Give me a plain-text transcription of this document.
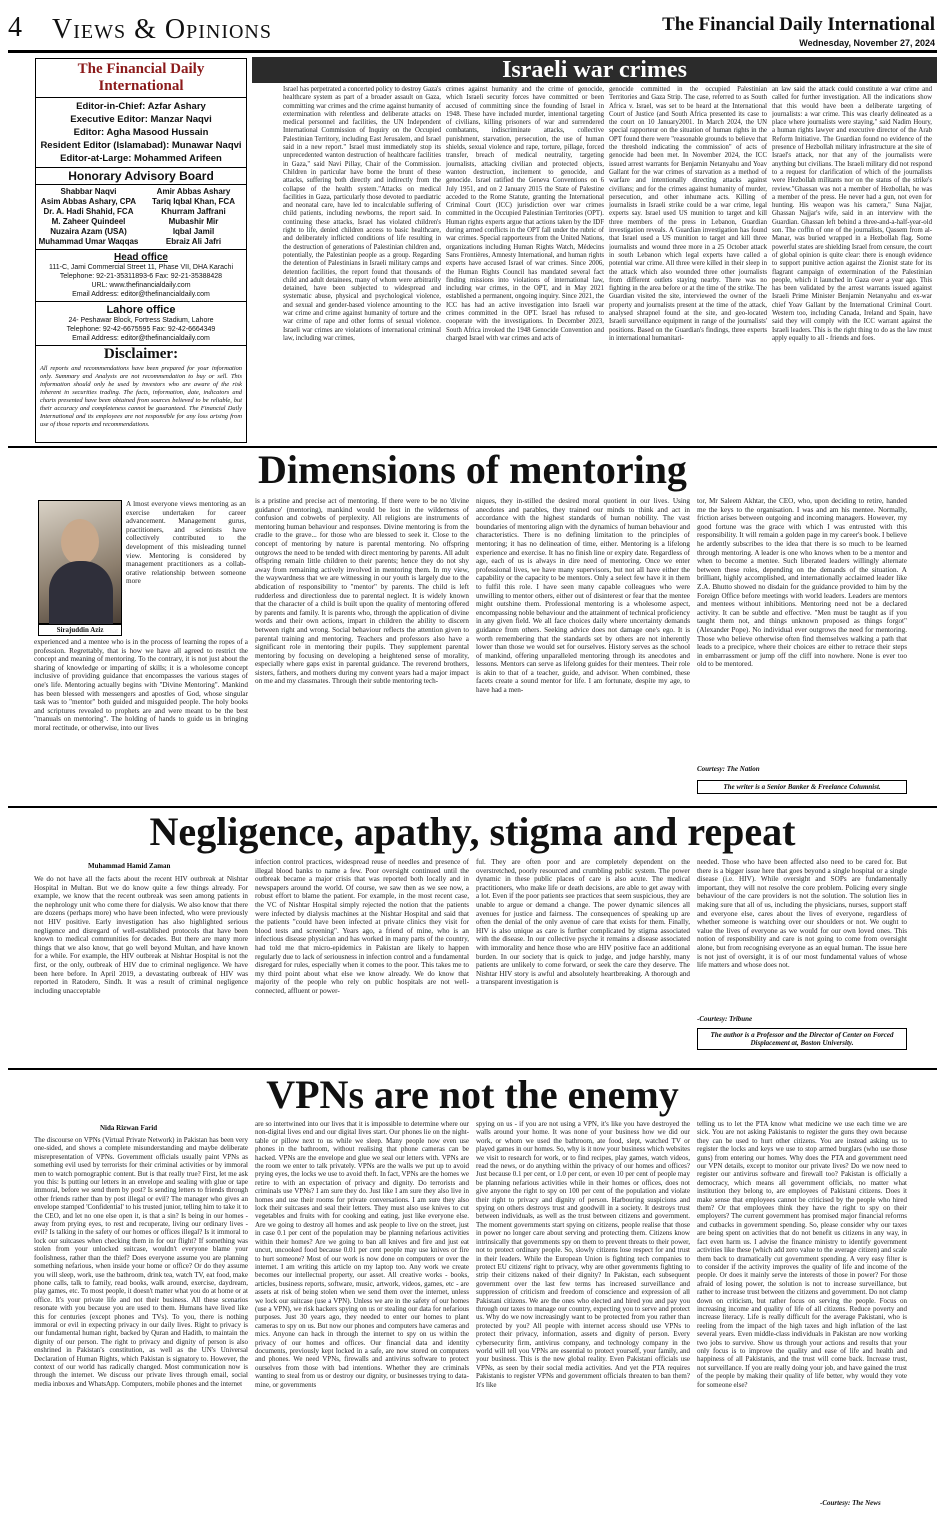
4 Views & Opinions	The Financial Daily International
Wednesday, November 27, 2024
The Financial Daily International
Editor-in-Chief: Azfar Ashary
Executive Editor: Manzar Naqvi
Editor: Agha Masood Hussain
Resident Editor (Islamabad): Munawar Naqvi
Editor-at-Large: Mohammed Arifeen
Honorary Advisory Board
Shabbar Naqvi
Asim Abbas Ashary, CPA
Dr. A. Hadi Shahid, FCA
M. Zaheer Quindeel
Nuzaira Azam (USA)
Muhammad Umar Waqqas
Amir Abbas Ashary
Tariq Iqbal Khan, FCA
Khurram Jaffrani
Mubashir Mir
Iqbal Jamil
Ebraiz Ali Jafri
Head office
111-C, Jami Commercial Street 11, Phase VII, DHA Karachi
Telephone: 92-21-35311893-6 Fax: 92-21-35388428
URL: www.thefinancialdaily.com
Email Address: editor@thefinancialdaily.com
Lahore office
24- Peshawar Block, Fortress Stadium, Lahore
Telephone: 92-42-6675595 Fax: 92-42-6664349
Email Address: editor@thefinancialdaily.com
Disclaimer:
All reports and recommendations have been prepared for your information only. Summary and Analysis are not recommendation to buy or sell. This information should only be used by investors who are aware of the risk inherent in securities trading. The facts, information, date, indicators and charts presented have been obtained from sources believed to be reliable, but their accuracy and completeness cannot be guaranteed. The Financial Daily International and its employees are not responsible for any loss arising from use of those reports and recommendations.
Israeli war crimes
Israel has perpetrated a concerted policy to destroy Gaza's healthcare system as part of a broader assault on Gaza, committing war crimes and the crime against humanity of extermination with relentless and deliberate attacks on medical personnel and facilities, the UN Independent International Commission of Inquiry on the Occupied Palestinian Territory, including East Jerusalem, and Israel said in a new report." Israel must immediately stop its unprecedented wanton destruction of healthcare facilities in Gaza," said Navi Pillay, Chair of the Commission. Children in particular have borne the brunt of these attacks, suffering both directly and indirectly from the collapse of the health system."Attacks on medical facilities in Gaza, particularly those devoted to paediatric and neonatal care, have led to incalculable suffering of child patients, including newborns, the report said. In continuing these attacks, Israel has violated children's right to life, denied children access to basic healthcare, and deliberately inflicted conditions of life resulting in the destruction of generations of Palestinian children and, potentially, the Palestinian people as a group. Regarding the detention of Palestinians in Israeli military camps and detention facilities, the report found that thousands of child and adult detainees, many of whom were arbitrarily detained, have been subjected to widespread and systematic abuse, physical and psychological violence, and sexual and gender-based violence amounting to the war crime and crime against humanity of torture and the war crime of rape and other forms of sexual violence. Israeli war crimes are violations of international criminal law, including war crimes,
crimes against humanity and the crime of genocide, which Israeli security forces have committed or been accused of committing since the founding of Israel in 1948. These have included murder, intentional targeting of civilians, killing prisoners of war and surrendered combatants, indiscriminate attacks, collective punishment, starvation, persecution, the use of human shields, sexual violence and rape, torture, pillage, forced transfer, breach of medical neutrality, targeting journalists, attacking civilian and protected objects, wanton destruction, incitement to genocide, and genocide. Israel ratified the Geneva Conventions on 6 July 1951, and on 2 January 2015 the State of Palestine acceded to the Rome Statute, granting the International Criminal Court (ICC) jurisdiction over war crimes committed in the Occupied Palestinian Territories (OPT). Human rights experts argue that actions taken by the IDF during armed conflicts in the OPT fall under the rubric of war crimes. Special rapporteurs from the United Nations, organizations including Human Rights Watch, Médecins Sans Frontières, Amnesty International, and human rights experts have accused Israel of war crimes. Since 2006, the Human Rights Council has mandated several fact finding missions into violations of international law, including war crimes, in the OPT, and in May 2021 established a permanent, ongoing inquiry. Since 2021, the ICC has had an active investigation into Israeli war crimes committed in the OPT. Israel has refused to cooperate with the investigations. In December 2023, South Africa invoked the 1948 Genocide Convention and charged Israel with war crimes and acts of
genocide committed in the occupied Palestinian Territories and Gaza Strip. The case, referred to as South Africa v. Israel, was set to be heard at the International Court of Justice (and South Africa presented its case to the court on 10 January2001. In March 2024, the UN special rapporteur on the situation of human rights in the OPT found there were "reasonable grounds to believe that the threshold indicating the commission" of acts of genocide had been met. In November 2024, the ICC issued arrest warrants for Benjamin Netanyahu and Yoav Gallant for the war crimes of starvation as a method of warfare and intentionally directing attacks against civilians; and for the crimes against humanity of murder, persecution, and other inhumane acts. Killing of journalists in Israeli strike could be a war crime, legal experts say. Israel used US munition to target and kill three members of the press in Lebanon, Guardian investigation reveals. A Guardian investigation has found that Israel used a US munition to target and kill three journalists and wound three more in a 25 October attack in south Lebanon which legal experts have called a potential war crime. All three were killed in their sleep in the attack which also wounded three other journalists from different outlets staying nearby. There was no fighting in the area before or at the time of the strike. The Guardian visited the site, interviewed the owner of the property and journalists present at the time of the attack, analysed shrapnel found at the site, and geo-located Israeli surveillance equipment in range of the journalists' positions. Based on the Guardian's findings, three experts in international humanitari-
an law said the attack could constitute a war crime and called for further investigation. All the indications show that this would have been a deliberate targeting of journalists: a war crime. This was clearly delineated as a place where journalists were staying," said Nadim Houry, a human rights lawyer and executive director of the Arab Reform Initiative. The Guardian found no evidence of the presence of Hezbollah military infrastructure at the site of Israel's attack, nor that any of the journalists were anything but civilians. The Israeli military did not respond to a request for clarification of which of the journalists were Hezbollah militants nor on the status of the strike's review."Ghassan was not a member of Hezbollah, he was a member of the press. He never had a gun, not even for hunting. His weapon was his camera," Suna Najjar, Ghassan Najjar's wife, said in an interview with the Guardian. Ghassan left behind a three-and-a-half-year-old son. The coffin of one of the journalists, Qassem from al-Manar, was buried wrapped in a Hezbollah flag. Some powerful states are shielding Israel from censure, the court of global opinion is quite clear: there is enough evidence to support punitive action against the Zionist state for its flagrant campaign of extermination of the Palestinian people, which it launched in Gaza over a year ago. This has been validated by the arrest warrants issued against Israeli Prime Minister Benjamin Netanyahu and ex-war chief Yoav Gallant by the International Criminal Court. Western too, including Canada, Ireland and Spain, have said they will comply with the ICC warrant against the Israeli leaders. This is the right thing to do as the law must apply equally to all - friends and foes.
Dimensions of mentoring
Sirajuddin Aziz
A lmost everyone views mentoring as an exercise undertaken for career advancement. Management gurus, practitioners, and scientists have collectively contributed to the development of this misleading tunnel view. Mentoring is considered by management practitioners as a collab-orative relationship between someone more
experienced and a mentee who is in the process of learning the ropes of a profession. Regrettably, that is how we have all agreed to restrict the concept and meaning of mentoring. To the contrary, it is not just about the sharing of knowledge or imparting of skills; it is a wholesome concept inclusive of providing guidance that encompasses the various stages of one's life. Mentoring actually begins with "Divine Mentoring". Mankind has been blessed with messengers and apostles of God, whose singular task was to "mentor" both guided and misguided people. The holy books and scriptures revealed to prophets are and were meant to be the best "manuals on mentoring". The holding of hands to guide us in bringing moral rectitude, or otherwise, into our lives
is a pristine and precise act of mentoring. If there were to be no 'divine guidance' (mentoring), mankind would be lost in the wilderness of confusion and cobwebs of perplexity. All religions are instruments of mentoring human behaviour and responses. Divine mentoring is from the cradle to the grave... for those who are blessed to seek it. Close to the concept of mentoring by nature is parental mentoring. No offspring outgrows the need to be tended with direct mentoring by parents. All adult offspring remain little children to their parents; hence they do not shy away from remaining actively involved in mentoring them. In my view, the waywardness that we are witnessing in our youth is largely due to the abdication of responsibility to "mentor" by parents. The child is left rudderless and directionless due to parental neglect. It is widely known that the character of a child is built upon the quality of mentoring offered by parents and family. It is parents who, through the application of divine words and their own actions, impart in children the ability to discern between right and wrong. Social behaviour reflects the attention given to parental training and mentoring. Teachers and professors also have a significant role in mentoring their pupils. They supplement parental mentoring by focusing on developing a heightened sense of morality, especially where gaps exist in parental guidance. The reverend brothers, sisters, fathers, and mothers during my convent years had a major impact on me and my classmates. Through their subtle mentoring tech-
niques, they in-stilled the desired moral quotient in our lives. Using anecdotes and parables, they trained our minds to think and act in accordance with the highest standards of human nobility. The vast boundaries of mentoring align with the dynamics of human behaviour and characteristics. There is no defining limitation to the principles of mentoring; it has no delineation of time, either. Mentoring is a lifelong experience and exercise. It has no finish line or expiry date. Regardless of age, each of us is always in dire need of mentoring. Once we enter professional lives, we have many supervisors, but not all have either the capability or the capacity to be mentors. Only a select few have it in them to fulfil this role. I have seen many capable colleagues who were unwilling to mentor others, either out of disinterest or fear that the mentee might outshine them. Professional mentoring is a wholesome aspect, encompassing noble behaviour and the attainment of technical proficiency in any given field. We all face choices daily where uncertainty demands guidance from others. Seeking advice does not damage one's ego. It is worth remembering that the standards set by others are not inherently lower than those we would set for ourselves. History serves as the school of mankind, offering unparalleled mentoring through its anecdotes and lessons. Mentors can serve as lifelong guides for their mentees. Their role is akin to that of a teacher, guide, and advisor. When combined, these facets create a sound mentor for life. I am fortunate, despite my age, to have had a men-
tor, Mr Saleem Akhtar, the CEO, who, upon deciding to retire, handed me the keys to the organisation. I was and am his mentee. Normally, friction arises between outgoing and incoming managers. However, my good fortune was the grace with which I was entrusted with this responsibility. It will remain a golden page in my career's book. I believe he ardently subscribes to the idea that there is so much to be learned through mentoring. A leader is one who knows when to be a mentor and when to become a mentee. Such liberated leaders willingly alternate between these roles, depending on the demands of the situation. A brilliant, highly accomplished, and internationally acclaimed leader like Z.A. Bhutto showed no disdain for the guidance provided to him by the Foreign Office before meetings with world leaders. Leaders are mentors and mentees without inhibitions. Mentoring need not be a declared activity. It can be subtle and effective. "Men must be taught as if you taught them not, and things unknown proposed as things forgot" (Alexander Pope). No individual ever outgrows the need for mentoring. Those who believe otherwise often find themselves walking a path that leads to a precipice, where their choices are either to retrace their steps in embarrassment or jump off the cliff into nowhere. None is ever too old to be mentored.
Courtesy: The Nation
The writer is a Senior Banker & Freelance Columnist.
Negligence, apathy, stigma and repeat
Muhammad Hamid Zaman
We do not have all the facts about the recent HIV outbreak at Nishtar Hospital in Multan. But we do know quite a few things already. For example, we know that the recent outbreak was seen among patients in the nephrology unit who come there for dialysis. We also know that there are dozens (perhaps more) who have been infected, who were previously not HIV positive. Early investigation has also highlighted serious negligence and disregard of well-established protocols that have been known to medical communities for decades. But there are many more things that we also know, that go well beyond Multan, and have known for a while. For example, the HIV outbreak at Nishtar Hospital is not the first, or the only, outbreak of HIV due to criminal negligence. We have been here before. In April 2019, a devastating outbreak of HIV was reported in Ratodero, Sindh. It was a result of criminal negligence including unacceptable
infection control practices, widespread reuse of needles and presence of illegal blood banks to name a few. Poor oversight continued until the outbreak became a major crisis that was reported both locally and in newspapers around the world. Of course, we saw then as we see now, a robust effort to blame the patient. For example, in the most recent case, the VC of Nishtar Hospital simply rejected the notion that the patients were infected by dialysis machines at the Nishtar Hospital and said that the patients "could have been infected at private clinics they visit for blood tests and screening". Years ago, a friend of mine, who is an infectious disease physician and has worked in many parts of the country, had told me that micro-epidemics in Pakistan are likely to happen regularly due to lack of seriousness in infection control and a fundamental disregard for rules, especially when it comes to the poor. This takes me to my third point about what else we know already. We do know that majority of the people who rely on public hospitals are not well-connected, affluent or power-
ful. They are often poor and are completely dependent on the overstretched, poorly resourced and crumbling public system. The power dynamic in these public places of care is also acute. The medical practitioners, who make life or death decisions, are able to get away with a lot. Even if the poor patients see practices that seem suspicious, they are unable to argue or demand a change. The power dynamic silences all avenues for justice and fairness. The consequences of speaking up are often the denial of the only avenue of care that exists for them. Finally, HIV is also unique as care is further complicated by stigma associated with the disease. In our collective psyche it remains a disease associated with immorality and hence those who are HIV positive face an additional burden. In our society that is quick to judge, and judge harshly, many patients are unlikely to come forward, or seek the care they deserve. The Nishtar HIV story is awful and absolutely heartbreaking. A thorough and a transparent investigation is
needed. Those who have been affected also need to be cared for. But there is a bigger issue here that goes beyond a single hospital or a single disease (i.e. HIV). While oversight and SOPs are fundamentally important, they will not resolve the core problem. Policing every single behaviour of the care providers is not the solution. The solution lies in making sure that all of us, including the physicians, nurses, support staff and everyone else, cares about the lives of everyone, regardless of whether someone is watching over our shoulders or not. We ought to value the lives of everyone as we would for our own loved ones. This notion of responsibility and care is not going to come from oversight alone, but from recognising everyone as an equal human. The issue here is not just of oversight, it is of our most fundamental values of whose life matters and whose does not.
-Courtesy: Tribune
The author is a Professor and the Director of Center on Forced Displacement at, Boston University.
VPNs are not the enemy
Nida Rizwan Farid
The discourse on VPNs (Virtual Private Network) in Pakistan has been very one-sided, and shows a complete misunderstanding and maybe deliberate misrepresentation of VPNs. Government officials usually paint VPNs as something evil used by terrorists for their criminal activities or by immoral men to watch pornographic content. But is that really true? First, let me ask you this: Is putting our letters in an envelope and sealing with glue or tape immoral, before we send them by post? Is sending letters to friends through other friends rather than by post illegal or evil? The manager who gives an envelope stamped 'Confidential' to his trusted junior, telling him to take it to the CEO, and let no one else open it, is that a sin? Is being in our homes - away from prying eyes, to rest and recuperate, living our ordinary lives - evil? Is talking in the safety of our homes or offices illegal? Is it immoral to lock our suitcases when checking them in for our flight? If something was stolen from your unlocked suitcase, wouldn't everyone blame your foolishness, rather than the thief? Does everyone assume you are planning something nefarious, when inside your home or office? Or do they assume you will sleep, work, use the bathroom, drink tea, watch TV, eat food, make phone calls, talk to family, read books, walk around, exercise, daydream, play games, etc. To most people, it doesn't matter what you do at home or at office. It's your private life and not their business. All these scenarios resonate with you because you are used to them. Humans have lived like this for centuries (except phones and TVs). To you, there is nothing immoral or evil in expecting privacy in our daily lives. Right to privacy is our fundamental human right, backed by Quran and Hadith, to maintain the dignity of our person. The right to privacy and dignity of person is also enshrined in Pakistan's constitution, as well as the UN's Universal Declaration of Human Rights, which Pakistan is signatory to. However, the context of our world has radically changed. Most communication now is through the internet. We discuss our private lives through email, social media inboxes and WhatsApp. Computers, mobile phones and the internet
are so intertwined into our lives that it is impossible to determine where our non-digital lives end and our digital lives start. Our phones lie on the night-table or pillow next to us while we sleep. Many people now even use phones in the bathroom, without realising that phone cameras can be hacked. VPNs are the envelope and glue we seal our letters with. VPNs are the room we enter to talk privately. VPNs are the walls we put up to avoid prying eyes, the locks we use to avoid theft. In fact, VPNs are the homes we retire to with an expectation of privacy and dignity. Do terrorists and criminals use VPNs? I am sure they do. Just like I am sure they also live in homes and use their rooms for private conversations. I am sure they also lock their suitcases and seal their letters. They must also use knives to cut vegetables and fruits with for cooking and eating, just like everyone else. Are we going to destroy all homes and ask people to live on the street, just in case 0.1 per cent of the population may be planning nefarious activities within their homes? Are we going to ban all knives and fire and just eat uncut, uncooked food because 0.01 per cent people may use knives or fire to hurt someone? Most of our work is now done on computers or over the internet. I am writing this article on my laptop too. Any work we create becomes our intellectual property, our asset. All creative works - books, articles, business reports, software, music, artwork, videos, games, etc - are assets at risk of being stolen when we send them over the internet, unless we lock our suitcase (use a VPN). Unless we are in the safety of our homes (use a VPN), we risk hackers spying on us or stealing our data for nefarious purposes. Just 30 years ago, they needed to enter our homes to plant cameras to spy on us. But now our phones and computers have cameras and mics. Anyone can hack in through the internet to spy on us within the privacy of our homes and offices. Our financial data and identity documents, previously kept locked in a safe, are now stored on computers and phones. We need VPNs, firewalls and antivirus software to protect ourselves from those with bad intentions. Whether they are criminals wanting to steal from us or destroy our dignity, or businesses trying to data-mine, or governments
spying on us - if you are not using a VPN, it's like you have destroyed the walls around your home. It was none of your business how we did our work, or whom we used the bathroom, ate food, slept, watched TV or played games in our homes. So, why is it now your business which websites we visit to research for work, or to find recipes, play games, watch videos, read the news, or do anything within the privacy of our homes and offices? Just because 0.1 per cent, or 1.0 per cent, or even 10 per cent of people may be planning nefarious activities while in their homes or offices, does not give anyone the right to spy on 100 per cent of the population and violate their right to privacy and dignity of person. Harbouring suspicions and spying on others destroys trust and goodwill in a society. It destroys trust between individuals, as well as the trust between citizens and government. The moment governments start spying on citizens, people realise that those in power no longer care about serving and protecting them. Citizens know intrinsically that governments spy on them to prevent threats to their power, not to protect ordinary people. So, slowly citizens lose respect for and trust in their leaders. While the European Union is fighting tech companies to protect EU citizens' right to privacy, why are other governments fighting to strip their citizens naked of their dignity? In Pakistan, each subsequent government over the last few terms has increased surveillance and suppression of criticism and freedom of conscience and expression of all Pakistani citizens. We are the ones who elected and hired you and pay you through our taxes to manage our country, expecting you to serve and protect us. Why do we now increasingly want to be protected from you rather than protected by you? All people with internet access should use VPNs to protect their privacy, information, assets and dignity of person. Every cybersecurity firm, antivirus company, and technology company in the world will tell you VPNs are essential to protect yourself, your family, and your business. This is the new global reality. Even Pakistani officials use VPNs, as seen by their social media activities. And yet the PTA requires Pakistanis to register VPNs and government officials threaten to ban them? It's like
telling us to let the PTA know what medicine we use each time we are sick. You are not asking Pakistanis to register the guns they own because they can be used to hurt other citizens. You are instead asking us to register the locks and keys we use to stop armed burglars (who use those guns) from entering our homes. Why does the PTA and government need our VPN details, except to monitor our private lives? Do we now need to register our antivirus software and firewall too? Pakistan is officially a democracy, which means all government officials, no matter what institution they belong to, are employees of Pakistani citizens. Does it make sense that employees cannot be criticised by the people who hired them? Or that employees think they have the right to spy on their employers? The current government has promised major financial reforms and cutbacks in government spending. So, please consider why our taxes are being spent on activities that do not benefit us citizens in any way, in fact even harm us. I advise the finance ministry to identify government activities like these (which add zero value to the average citizen) and scale them back to dramatically cut government spending. A very easy filter is to consider if the activity improves the quality of life and income of the people. Or does it mainly serve the interests of those in power? For those afraid of losing power, the solution is not to increase surveillance, but rather to increase trust between the citizens and government. Do not clamp down on criticism, but rather focus on serving the people. Focus on increasing income and quality of life of all citizens. Reduce poverty and increase literacy. Life is really difficult for the average Pakistani, who is reeling from the impact of the high taxes and high inflation of the last several years. Even middle-class individuals in Pakistan are now working two jobs to survive. Show us through your actions and results that your only focus is to improve the quality and ease of life and health and happiness of all Pakistanis, and the trust will come back. Increase trust, not surveillance. If you are really doing your job, and have gained the trust of the people by making their quality of life better, why would they vote for someone else?
-Courtesy: The News
